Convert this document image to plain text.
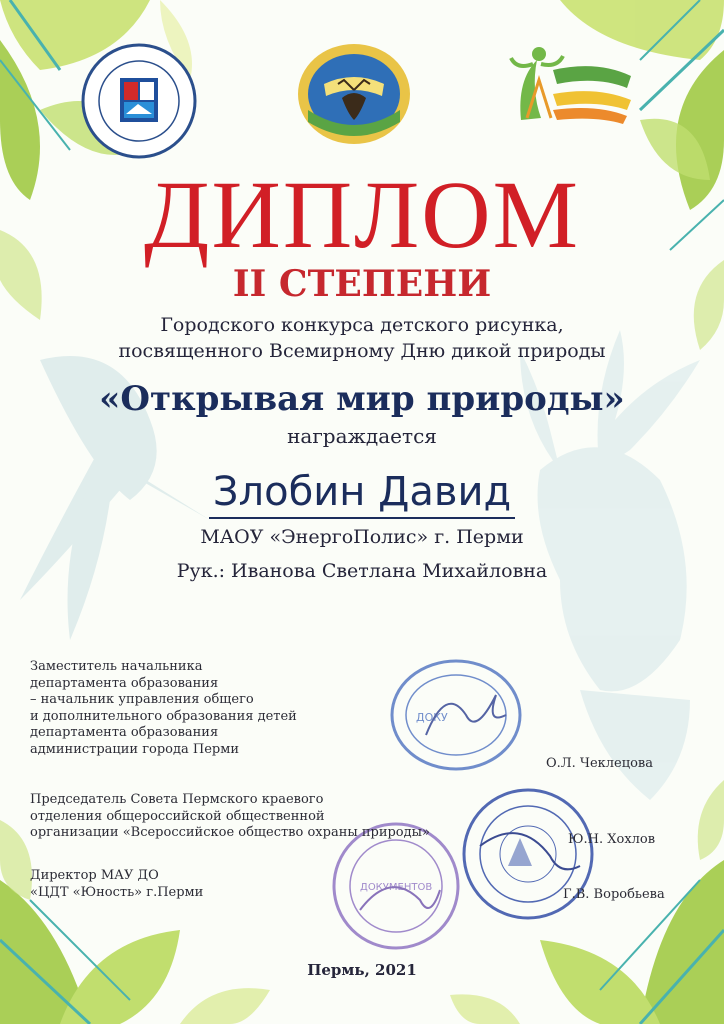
ДИПЛОМ
II СТЕПЕНИ
Городского конкурса детского рисунка,
посвященного Всемирному Дню дикой природы
«Открывая мир природы»
награждается
Злобин Давид
МАОУ «ЭнергоПолис» г. Перми
Рук.: Иванова Светлана Михайловна
ДОКУ
ДОКУМЕНТОВ
Заместитель начальника
департамента образования
– начальник управления общего
и дополнительного образования детей
департамента образования
администрации города Перми
О.Л. Чеклецова
Председатель Совета Пермского краевого
отделения общероссийской общественной
организации «Всероссийское общество охраны природы»	Ю.Н. Хохлов
Директор МАУ ДО
«ЦДТ «Юность» г.Перми	Г.В. Воробьева
Пермь, 2021
